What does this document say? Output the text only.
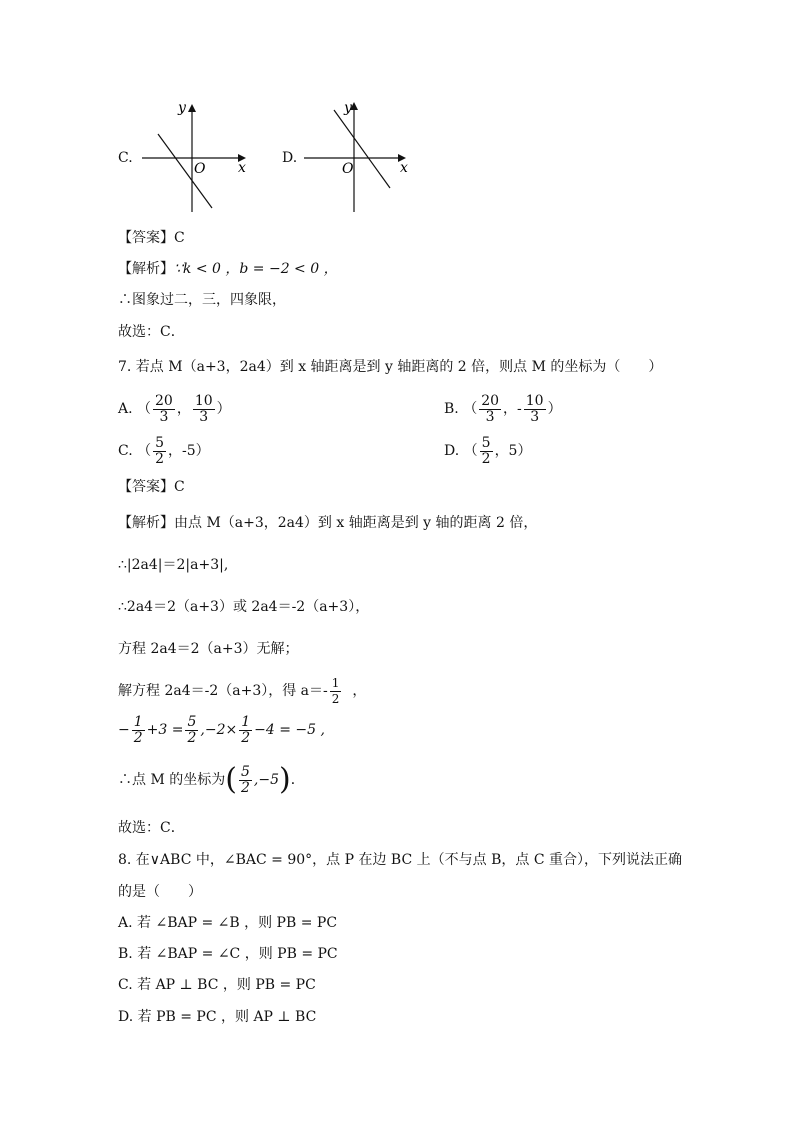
C.
y
x
O
D.
y
x
O
【答案】C
【解析】∵k < 0 ，b = −2 < 0 ，
∴图象过二，三，四象限，
故选：C．
7. 若点 M（a+3，2a4）到 x 轴距离是到 y 轴距离的 2 倍，则点 M 的坐标为（　　）
A. （ $\frac{20}{3}$ ， $\frac{10}{3}$ ）	B. （ $\frac{20}{3}$ ，- $\frac{10}{3}$ ）
C. （ $\frac{5}{2}$ ，-5）	D. （ $\frac{5}{2}$ ，5）
【答案】C
【解析】由点 M（a+3，2a4）到 x 轴距离是到 y 轴的距离 2 倍，
∴|2a4|＝2|a+3|,
∴2a4＝2（a+3）或 2a4＝-2（a+3），
方程 2a4＝2（a+3）无解；
解方程 2a4＝-2（a+3），得 $a=- \frac{1}{2}$ ，
− $\frac{1}{2} +3 = \frac{5}{2} ,-2\times \frac{1}{2} -4 = -5$ ,
∴点 M 的坐标为( $\frac{5}{2} ,-5$)．
故选：C．
8. 在∨ABC 中，∠BAC = 90°，点 P 在边 BC 上（不与点 B，点 C 重合），下列说法正确
的是（　　）
A. 若 ∠BAP = ∠B ，则 PB = PC
B. 若 ∠BAP = ∠C ，则 PB = PC
C. 若 AP ⊥ BC ，则 PB = PC
D. 若 PB = PC ，则 AP ⊥ BC
